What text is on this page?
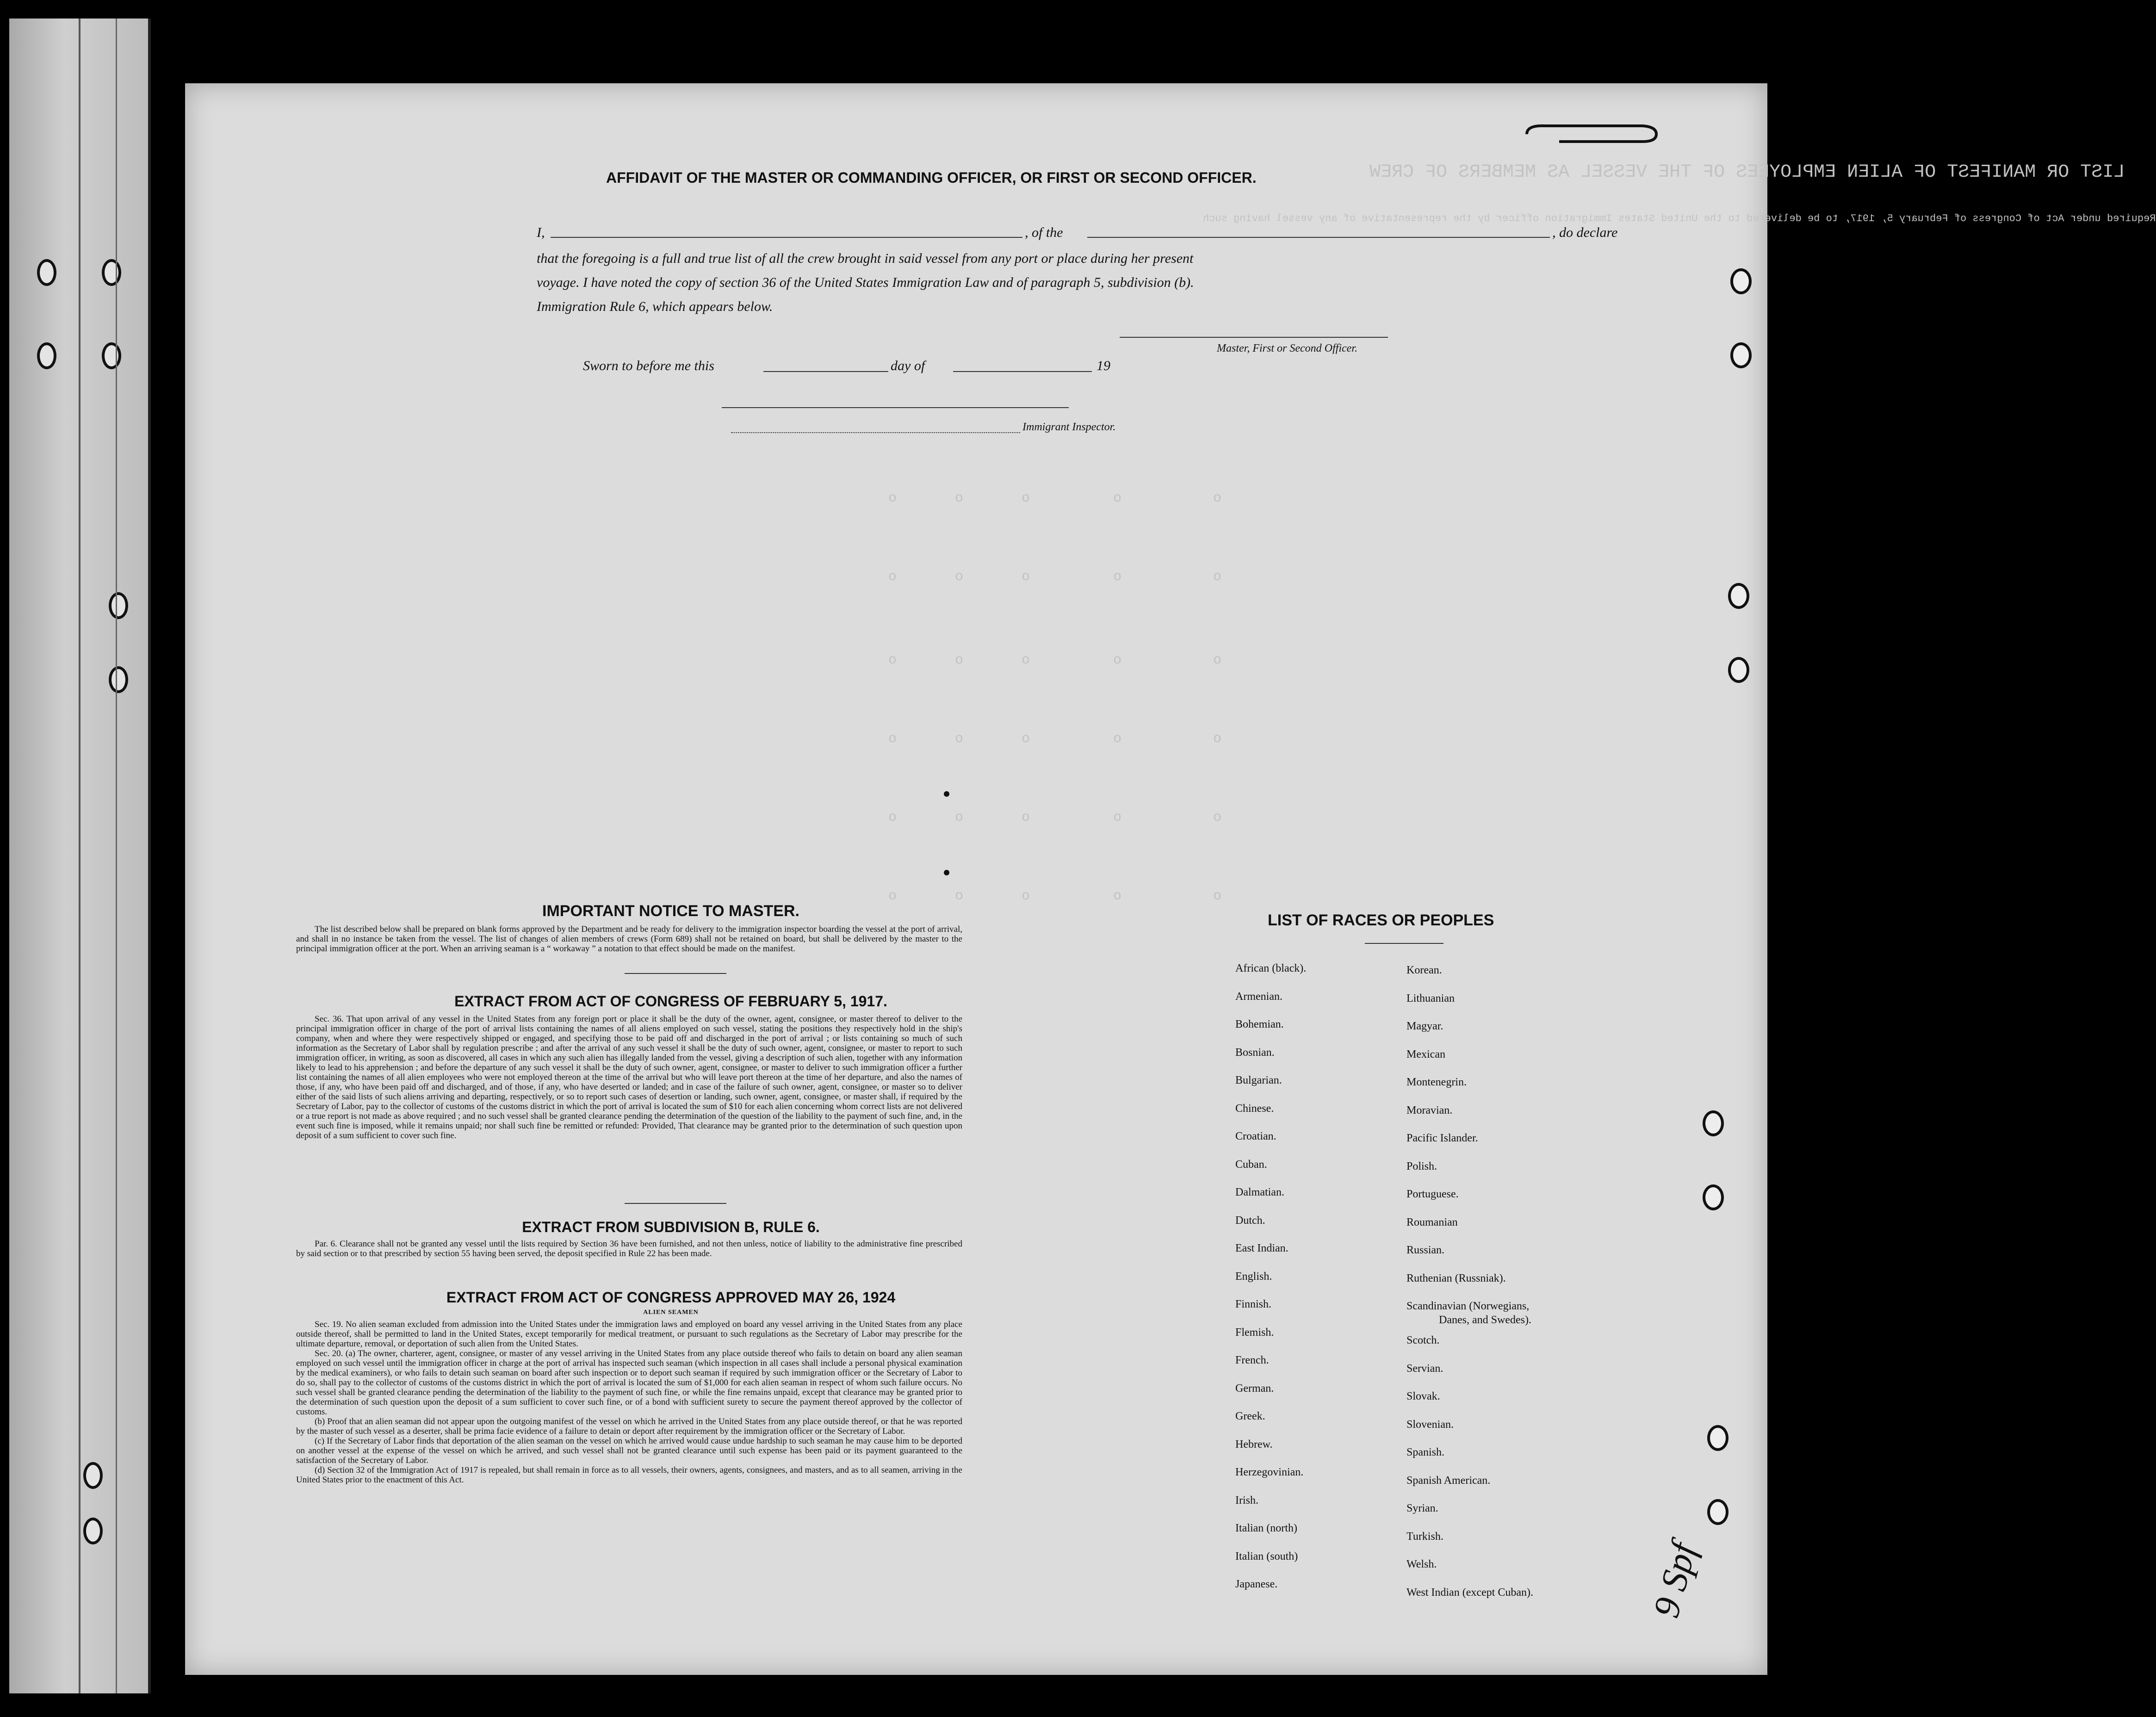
LIST OR MANIFEST OF ALIEN EMPLOYEES OF THE VESSEL AS MEMBERS OF CREW
Required under Act of Congress of February 5, 1917, to be delivered to the United States Immigration officer by the representative of any vessel having such
AFFIDAVIT OF THE MASTER OR COMMANDING OFFICER, OR FIRST OR SECOND OFFICER.
I,	, of the	, do declare
that the foregoing is a full and true list of all the crew brought in said vessel from any port or place during her present
voyage. I have noted the copy of section 36 of the United States Immigration Law and of paragraph 5, subdivision (b).
Immigration Rule 6, which appears below.
Master, First or Second Officer.
Sworn to before me this	day of	19
Immigrant Inspector.
o       o       o          o           o
o       o       o          o           o
o       o       o          o           o
o       o       o          o           o
o       o       o          o           o
o       o       o          o           o
IMPORTANT NOTICE TO MASTER.
The list described below shall be prepared on blank forms approved by the Department and be ready for delivery to the immigration inspector boarding the vessel at the port of arrival, and shall in no instance be taken from the vessel. The list of changes of alien members of crews (Form 689) shall not be retained on board, but shall be delivered by the master to the principal immigration officer at the port. When an arriving seaman is a “ workaway ” a notation to that effect should be made on the manifest.
EXTRACT FROM ACT OF CONGRESS OF FEBRUARY 5, 1917.
Sec. 36. That upon arrival of any vessel in the United States from any foreign port or place it shall be the duty of the owner, agent, consignee, or master thereof to deliver to the principal immigration officer in charge of the port of arrival lists containing the names of all aliens employed on such vessel, stating the positions they respectively hold in the ship's company, when and where they were respectively shipped or engaged, and specifying those to be paid off and discharged in the port of arrival ; or lists containing so much of such information as the Secretary of Labor shall by regulation prescribe ; and after the arrival of any such vessel it shall be the duty of such owner, agent, consignee, or master to report to such immigration officer, in writing, as soon as discovered, all cases in which any such alien has illegally landed from the vessel, giving a description of such alien, together with any information likely to lead to his apprehension ; and before the departure of any such vessel it shall be the duty of such owner, agent, consignee, or master to deliver to such immigration officer a further list containing the names of all alien employees who were not employed thereon at the time of the arrival but who will leave port thereon at the time of her departure, and also the names of those, if any, who have been paid off and discharged, and of those, if any, who have deserted or landed; and in case of the failure of such owner, agent, consignee, or master so to deliver either of the said lists of such aliens arriving and departing, respectively, or so to report such cases of desertion or landing, such owner, agent, consignee, or master shall, if required by the Secretary of Labor, pay to the collector of customs of the customs district in which the port of arrival is located the sum of $10 for each alien concerning whom correct lists are not delivered or a true report is not made as above required ; and no such vessel shall be granted clearance pending the determination of the question of the liability to the payment of such fine, and, in the event such fine is imposed, while it remains unpaid; nor shall such fine be remitted or refunded: Provided, That clearance may be granted prior to the determination of such question upon deposit of a sum sufficient to cover such fine.
EXTRACT FROM SUBDIVISION B, RULE 6.
Par. 6. Clearance shall not be granted any vessel until the lists required by Section 36 have been furnished, and not then unless, notice of liability to the administrative fine prescribed by said section or to that prescribed by section 55 having been served, the deposit specified in Rule 22 has been made.
EXTRACT FROM ACT OF CONGRESS APPROVED MAY 26, 1924
ALIEN SEAMEN
Sec. 19. No alien seaman excluded from admission into the United States under the immigration laws and employed on board any vessel arriving in the United States from any place outside thereof, shall be permitted to land in the United States, except temporarily for medical treatment, or pursuant to such regulations as the Secretary of Labor may prescribe for the ultimate departure, removal, or deportation of such alien from the United States.
Sec. 20. (a) The owner, charterer, agent, consignee, or master of any vessel arriving in the United States from any place outside thereof who fails to detain on board any alien seaman employed on such vessel until the immigration officer in charge at the port of arrival has inspected such seaman (which inspection in all cases shall include a personal physical examination by the medical examiners), or who fails to detain such seaman on board after such inspection or to deport such seaman if required by such immigration officer or the Secretary of Labor to do so, shall pay to the collector of customs of the customs district in which the port of arrival is located the sum of $1,000 for each alien seaman in respect of whom such failure occurs. No such vessel shall be granted clearance pending the determination of the liability to the payment of such fine, or while the fine remains unpaid, except that clearance may be granted prior to the determination of such question upon the deposit of a sum sufficient to cover such fine, or of a bond with sufficient surety to secure the payment thereof approved by the collector of customs.
(b) Proof that an alien seaman did not appear upon the outgoing manifest of the vessel on which he arrived in the United States from any place outside thereof, or that he was reported by the master of such vessel as a deserter, shall be prima facie evidence of a failure to detain or deport after requirement by the immigration officer or the Secretary of Labor.
(c) If the Secretary of Labor finds that deportation of the alien seaman on the vessel on which he arrived would cause undue hardship to such seaman he may cause him to be deported on another vessel at the expense of the vessel on which he arrived, and such vessel shall not be granted clearance until such expense has been paid or its payment guaranteed to the satisfaction of the Secretary of Labor.
(d) Section 32 of the Immigration Act of 1917 is repealed, but shall remain in force as to all vessels, their owners, agents, consignees, and masters, and as to all seamen, arriving in the United States prior to the enactment of this Act.
LIST OF RACES OR PEOPLES
African (black).
Armenian.
Bohemian.
Bosnian.
Bulgarian.
Chinese.
Croatian.
Cuban.
Dalmatian.
Dutch.
East Indian.
English.
Finnish.
Flemish.
French.
German.
Greek.
Hebrew.
Herzegovinian.
Irish.
Italian (north)
Italian (south)
Japanese.
Korean.
Lithuanian
Magyar.
Mexican
Montenegrin.
Moravian.
Pacific Islander.
Polish.
Portuguese.
Roumanian
Russian.
Ruthenian (Russniak).
Scandinavian (Norwegians,
Danes, and Swedes).
Scotch.
Servian.
Slovak.
Slovenian.
Spanish.
Spanish American.
Syrian.
Turkish.
Welsh.
West Indian (except Cuban).	9 Spf
